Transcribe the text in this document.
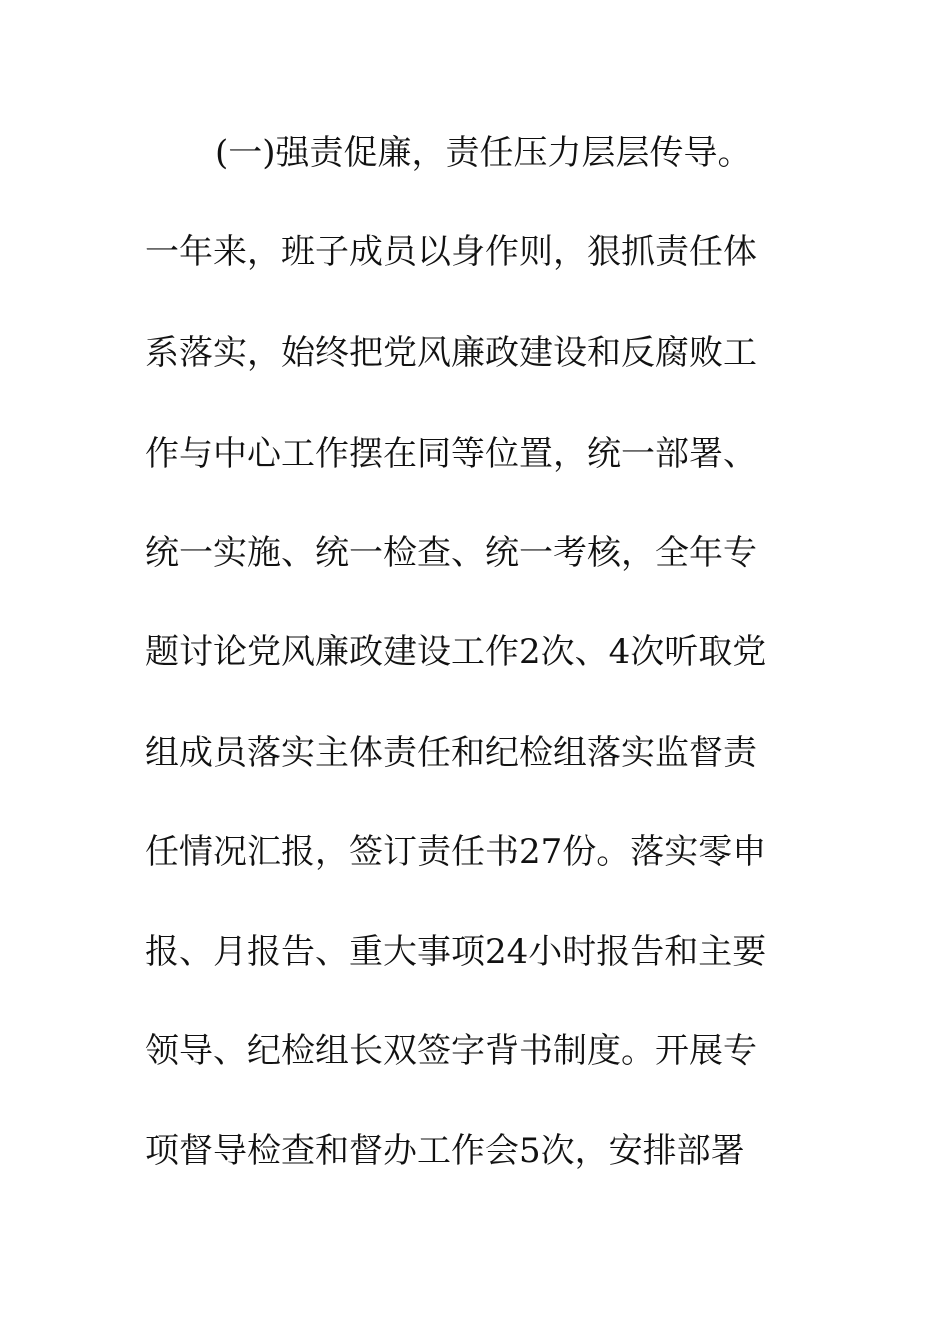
(一)强责促廉，责任压力层层传导。
一年来，班子成员以身作则，狠抓责任体
系落实，始终把党风廉政建设和反腐败工
作与中心工作摆在同等位置，统一部署、
统一实施、统一检查、统一考核，全年专
题讨论党风廉政建设工作2次、4次听取党
组成员落实主体责任和纪检组落实监督责
任情况汇报，签订责任书27份。落实零申
报、月报告、重大事项24小时报告和主要
领导、纪检组长双签字背书制度。开展专
项督导检查和督办工作会5次，安排部署
